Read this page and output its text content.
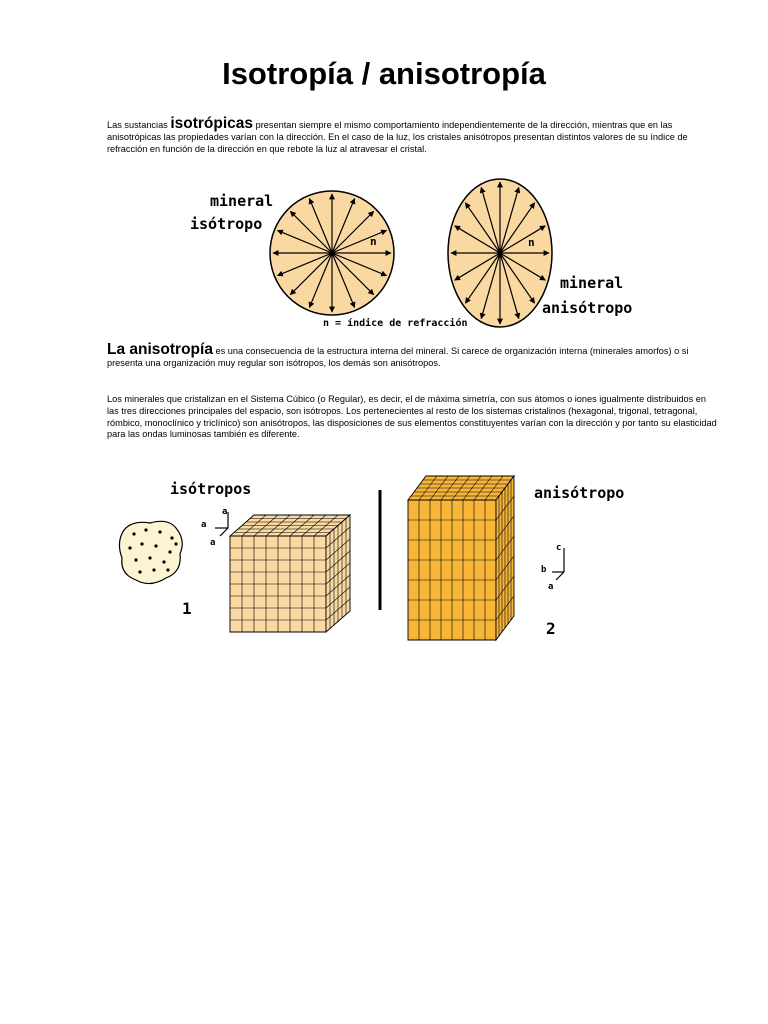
Isotropía / anisotropía

Las sustancias isotrópicas presentan siempre el mismo comportamiento independientemente de la dirección, mientras que en las anisotrópicas las propiedades varían con la dirección. En el caso de la luz, los cristales anisótropos presentan distintos valores de su índice de refracción en función de la dirección en que rebote la luz al atravesar el cristal.

mineral
isótropo
mineral
anisótropo
n	n
n = índice de refracción

La anisotropía es una consecuencia de la estructura interna del mineral. Si carece de organización interna (minerales amorfos) o si presenta una organización muy regular son isótropos, los demás son anisótropos.

Los minerales que cristalizan en el Sistema Cúbico (o Regular), es decir, el de máxima simetría, con sus átomos o iones igualmente distribuidos en las tres direcciones principales del espacio, son isótropos. Los pertenecientes al resto de los sistemas cristalinos (hexagonal, trigonal, tetragonal, rómbico, monoclínico y triclínico) son anisótropos, las disposiciones de sus elementos constituyentes varían con la dirección y por tanto su elasticidad para las ondas luminosas también es diferente.

isótropos	anisótropo
a
a
a
1
c
b
a
2
